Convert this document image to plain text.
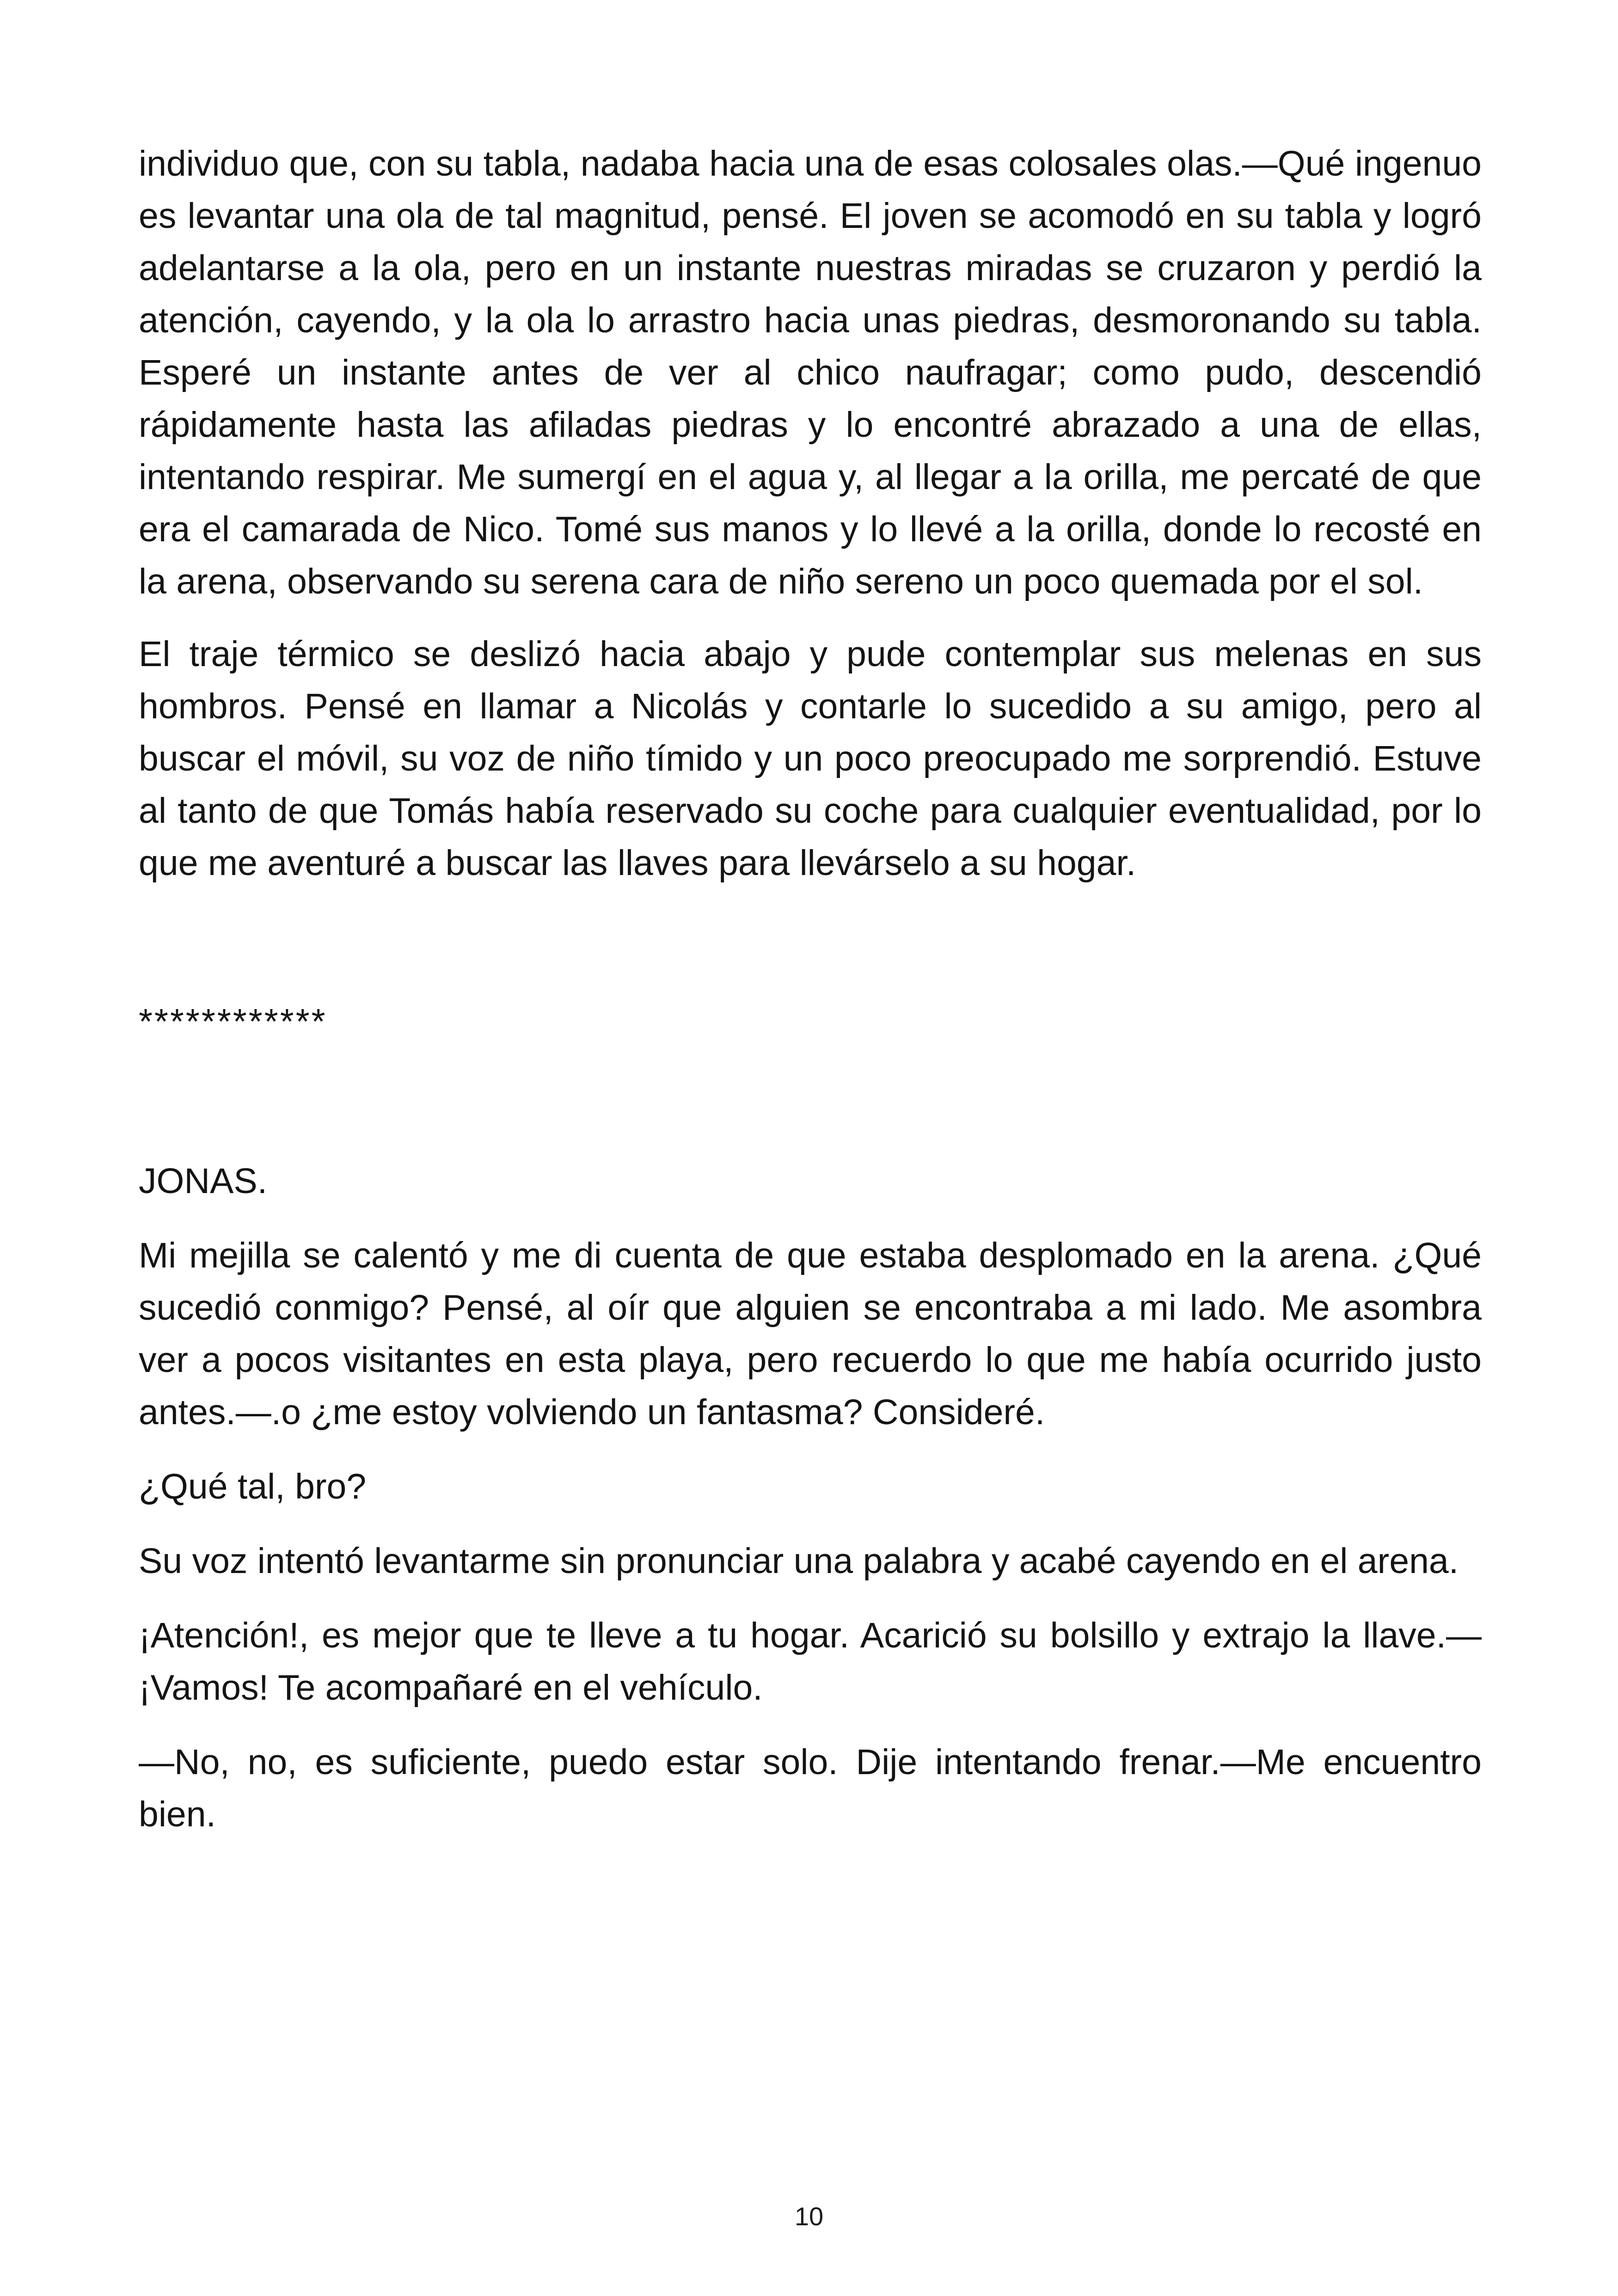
individuo que, con su tabla, nadaba hacia una de esas colosales olas.—Qué ingenuo es levantar una ola de tal magnitud, pensé. El joven se acomodó en su tabla y logró adelantarse a la ola, pero en un instante nuestras miradas se cruzaron y perdió la atención, cayendo, y la ola lo arrastro hacia unas piedras, desmoronando su tabla. Esperé un instante antes de ver al chico naufragar; como pudo, descendió rápidamente hasta las afiladas piedras y lo encontré abrazado a una de ellas, intentando respirar. Me sumergí en el agua y, al llegar a la orilla, me percaté de que era el camarada de Nico. Tomé sus manos y lo llevé a la orilla, donde lo recosté en la arena, observando su serena cara de niño sereno un poco quemada por el sol.

El traje térmico se deslizó hacia abajo y pude contemplar sus melenas en sus hombros. Pensé en llamar a Nicolás y contarle lo sucedido a su amigo, pero al buscar el móvil, su voz de niño tímido y un poco preocupado me sorprendió. Estuve al tanto de que Tomás había reservado su coche para cualquier eventualidad, por lo que me aventuré a buscar las llaves para llevárselo a su hogar.

************

JONAS.

Mi mejilla se calentó y me di cuenta de que estaba desplomado en la arena. ¿Qué sucedió conmigo? Pensé, al oír que alguien se encontraba a mi lado. Me asombra ver a pocos visitantes en esta playa, pero recuerdo lo que me había ocurrido justo antes.—.o ¿me estoy volviendo un fantasma? Consideré.

¿Qué tal, bro?

Su voz intentó levantarme sin pronunciar una palabra y acabé cayendo en el arena.

¡Atención!, es mejor que te lleve a tu hogar. Acarició su bolsillo y extrajo la llave.— ¡Vamos! Te acompañaré en el vehículo.

—No, no, es suficiente, puedo estar solo. Dije intentando frenar.—Me encuentro bien.

10
